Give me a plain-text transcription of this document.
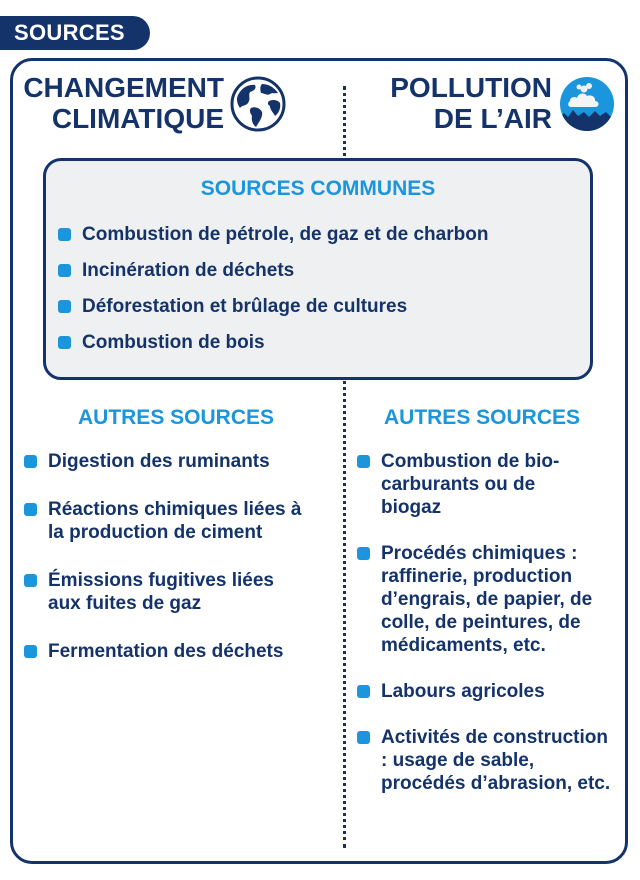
SOURCES
CHANGEMENT
CLIMATIQUE
POLLUTION
DE L’AIR
SOURCES COMMUNES
Combustion de pétrole, de gaz et de charbon
Incinération de déchets
Déforestation et brûlage de cultures
Combustion de bois
AUTRES SOURCES	AUTRES SOURCES
Digestion des ruminants
Réactions chimiques liées à la production de ciment
Émissions fugitives liées aux fuites de gaz
Fermentation des déchets
Combustion de bio-carburants ou de biogaz
Procédés chimiques : raffinerie, production d’engrais, de papier, de colle, de peintures, de médicaments, etc.
Labours agricoles
Activités de construction : usage de sable, procédés d’abrasion, etc.
